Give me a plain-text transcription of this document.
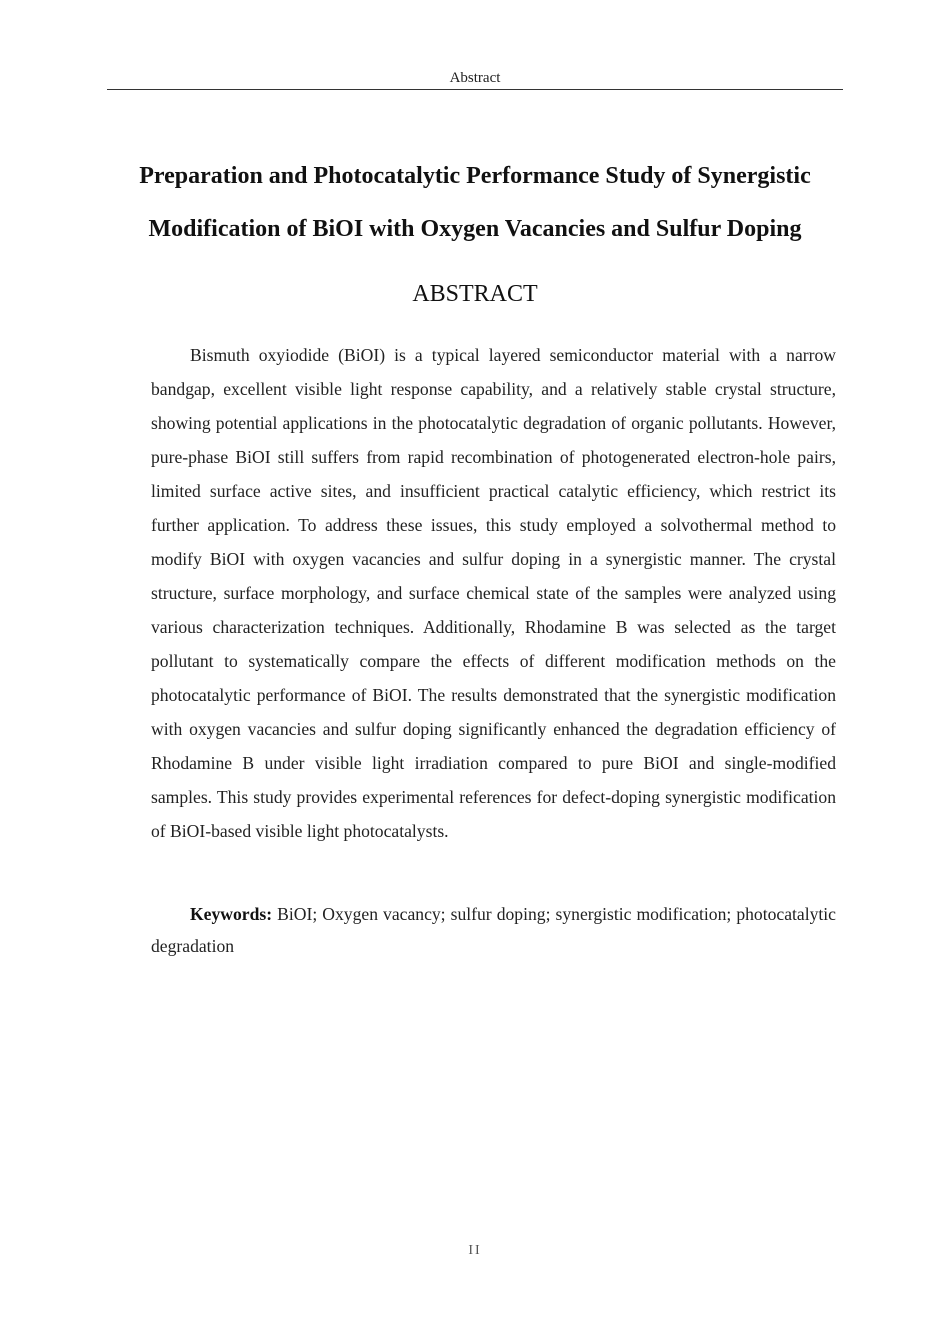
Abstract
Preparation and Photocatalytic Performance Study of Synergistic
Modification of BiOI with Oxygen Vacancies and Sulfur Doping
ABSTRACT

Bismuth oxyiodide (BiOI) is a typical layered semiconductor material with a narrow bandgap, excellent visible light response capability, and a relatively stable crystal structure, showing potential applications in the photocatalytic degradation of organic pollutants. However, pure-phase BiOI still suffers from rapid recombination of photogenerated electron-hole pairs, limited surface active sites, and insufficient practical catalytic efficiency, which restrict its further application. To address these issues, this study employed a solvothermal method to modify BiOI with oxygen vacancies and sulfur doping in a synergistic manner. The crystal structure, surface morphology, and surface chemical state of the samples were analyzed using various characterization techniques. Additionally, Rhodamine B was selected as the target pollutant to systematically compare the effects of different modification methods on the photocatalytic performance of BiOI. The results demonstrated that the synergistic modification with oxygen vacancies and sulfur doping significantly enhanced the degradation efficiency of Rhodamine B under visible light irradiation compared to pure BiOI and single-modified samples. This study provides experimental references for defect-doping synergistic modification of BiOI-based visible light photocatalysts.

Keywords: BiOI; Oxygen vacancy; sulfur doping; synergistic modification; photocatalytic degradation

II
